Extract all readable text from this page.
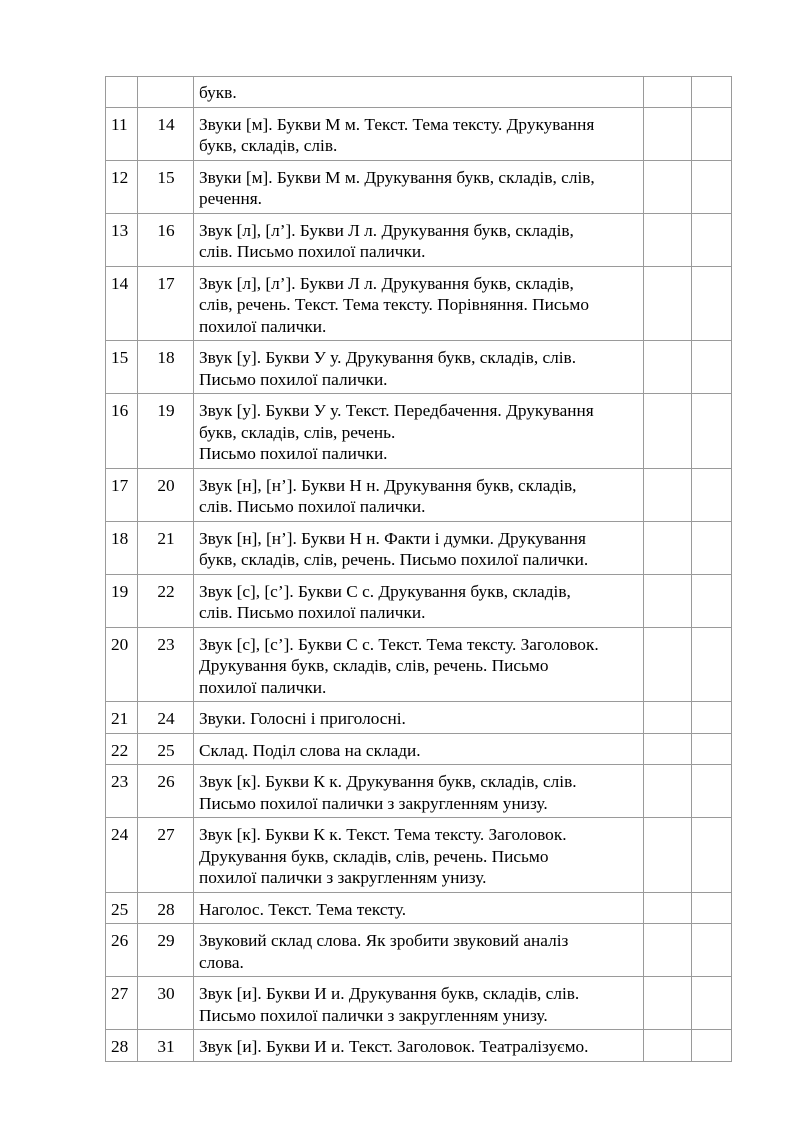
		букв.		
11	14	Звуки [м]. Букви М м. Текст. Тема тексту. Друкування
букв, складів, слів.		
12	15	Звуки [м]. Букви М м. Друкування букв, складів, слів,
речення.		
13	16	Звук [л], [л’]. Букви Л л. Друкування букв, складів,
слів. Письмо похилої палички.		
14	17	Звук [л], [л’]. Букви Л л. Друкування букв, складів,
слів, речень. Текст. Тема тексту. Порівняння. Письмо
похилої палички.		
15	18	Звук [у]. Букви У у. Друкування букв, складів, слів.
Письмо похилої палички.		
16	19	Звук [у]. Букви У у. Текст. Передбачення. Друкування
букв, складів, слів, речень.
Письмо похилої палички.		
17	20	Звук [н], [н’]. Букви Н н. Друкування букв, складів,
слів. Письмо похилої палички.		
18	21	Звук [н], [н’]. Букви Н н. Факти і думки. Друкування
букв, складів, слів, речень. Письмо похилої палички.		
19	22	Звук [с], [с’]. Букви С с. Друкування букв, складів,
слів. Письмо похилої палички.		
20	23	Звук [с], [с’]. Букви С с. Текст. Тема тексту. Заголовок.
Друкування букв, складів, слів, речень. Письмо
похилої палички.		
21	24	Звуки. Голосні і приголосні.		
22	25	Склад. Поділ слова на склади.		
23	26	Звук [к]. Букви К к. Друкування букв, складів, слів.
Письмо похилої палички з закругленням унизу.		
24	27	Звук [к]. Букви К к. Текст. Тема тексту. Заголовок.
Друкування букв, складів, слів, речень. Письмо
похилої палички з закругленням унизу.		
25	28	Наголос. Текст. Тема тексту.		
26	29	Звуковий склад слова. Як зробити звуковий аналіз
слова.		
27	30	Звук [и]. Букви И и. Друкування букв, складів, слів.
Письмо похилої палички з закругленням унизу.		
28	31	Звук [и]. Букви И и. Текст. Заголовок. Театралізуємо.		
